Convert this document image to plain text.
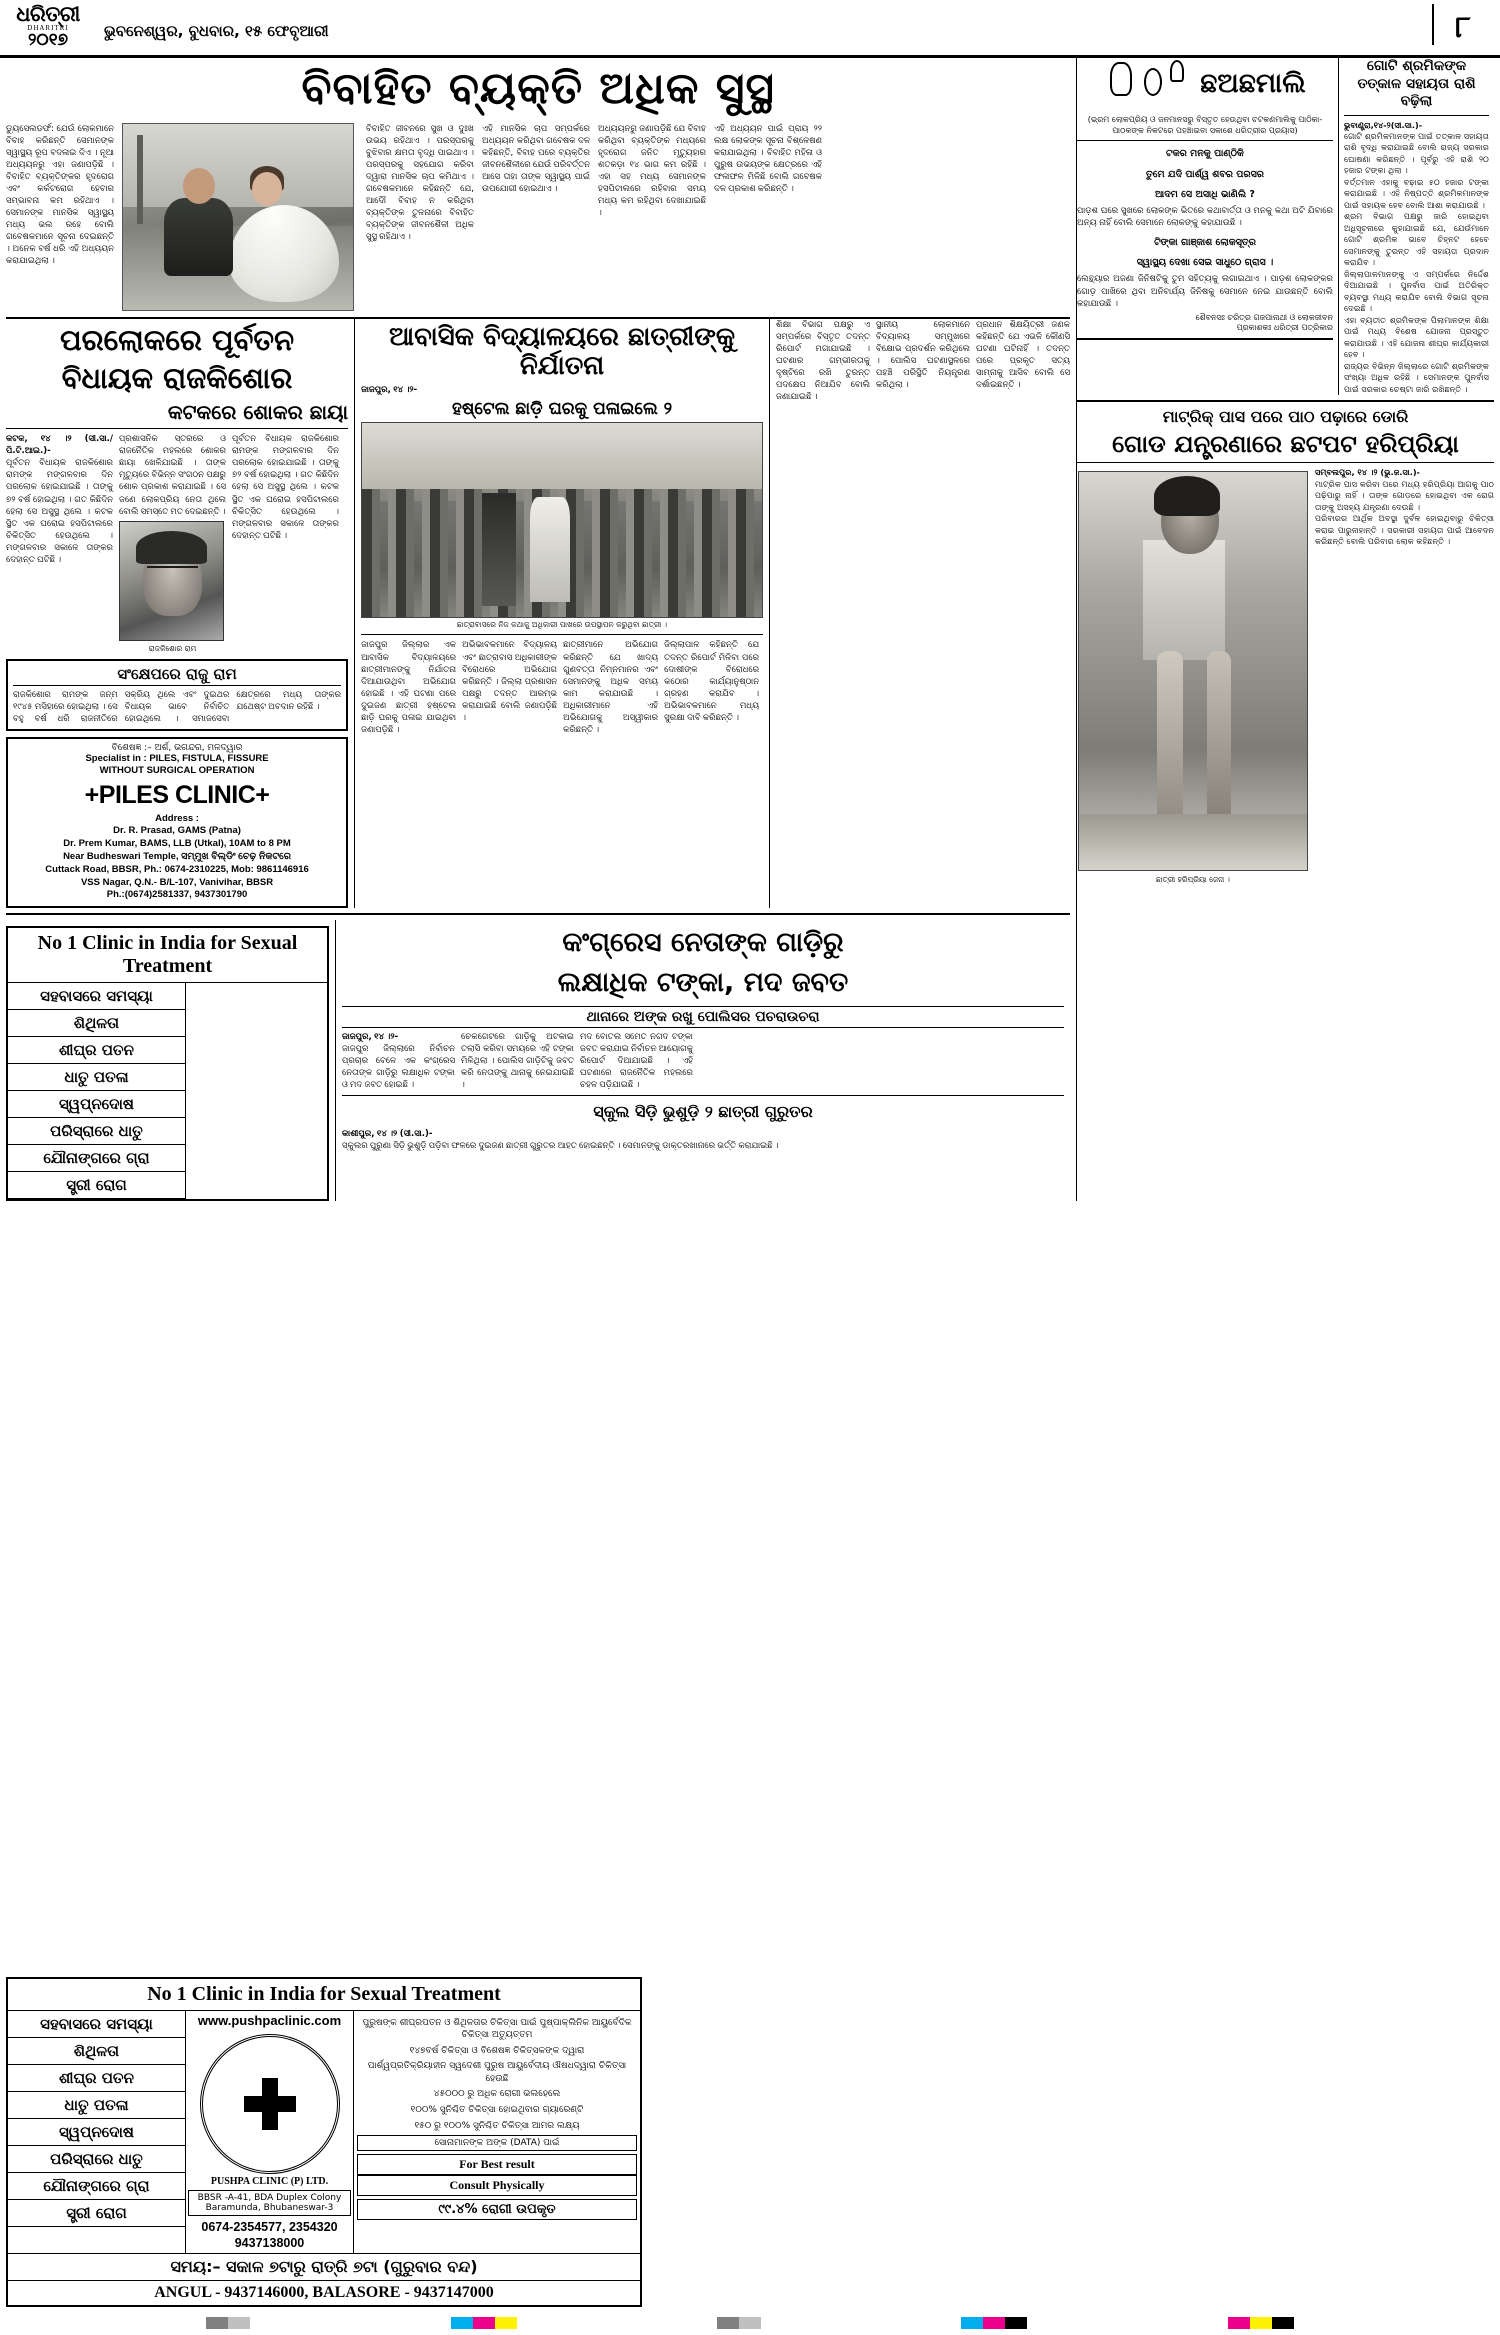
ଧରିତ୍ରୀ
DHARITRI
୨୦୧୭	ଭୁବନେଶ୍ୱର, ବୁଧବାର, ୧୫ ଫେବୃଆରୀ	୮
ବିବାହିତ ବ୍ୟକ୍ତି ଅଧିକ ସୁସ୍ଥ
ଡ୍ୟୁସେଲଡର୍ଫ: ଯେଉଁ ଲୋକମାନେ ବିବାହ କରିଛନ୍ତି ସେମାନଙ୍କ ସ୍ୱାସ୍ଥ୍ୟ ରୂପ ବଦଳାଇ ଦିଏ । ନୂଆ ଅଧ୍ୟୟନରୁ ଏହା ଜଣାପଡ଼ିଛି । ବିବାହିତ ବ୍ୟକ୍ତିଙ୍କର ହୃଦରୋଗ ଏବଂ କର୍କଟରୋଗ ହେବାର ସମ୍ଭାବନା କମ ରହିଥାଏ । ସେମାନଙ୍କ ମାନସିକ ସ୍ୱାସ୍ଥ୍ୟ ମଧ୍ୟ ଭଲ ରହେ ବୋଲି ଗବେଷକମାନେ ସୂଚନା ଦେଇଛନ୍ତି । ଅନେକ ବର୍ଷ ଧରି ଏହି ଅଧ୍ୟୟନ କରାଯାଇଥିଲା ।
ବିବାହିତ ଜୀବନରେ ସୁଖ ଓ ଦୁଃଖ ଉଭୟ ରହିଥାଏ । ପରସ୍ପରକୁ ବୁଝିବାର କ୍ଷମତା ବୃଦ୍ଧି ପାଇଥାଏ । ପରସ୍ପରକୁ ସହଯୋଗ କରିବା ଦ୍ୱାରା ମାନସିକ ଚାପ କମିଥାଏ । ଗବେଷକମାନେ କହିଛନ୍ତି ଯେ, ଆଦୌ ବିବାହ ନ କରିଥିବା ବ୍ୟକ୍ତିଙ୍କ ତୁଳନାରେ ବିବାହିତ ବ୍ୟକ୍ତିଙ୍କ ଜୀବନଶୈଳୀ ଅଧିକ ସୁସ୍ଥ ରହିଥାଏ ।
ଏହି ମାନସିକ ଚାପ ସମ୍ପର୍କରେ ଅଧ୍ୟୟନ କରିଥିବା ଗବେଷକ ଦଳ କହିଛନ୍ତି, ବିବାହ ପରେ ବ୍ୟକ୍ତିର ଜୀବନଶୈଳୀରେ ଯେଉଁ ପରିବର୍ତ୍ତନ ଆସେ ତାହା ତାଙ୍କ ସ୍ୱାସ୍ଥ୍ୟ ପାଇଁ ଉପଯୋଗୀ ହୋଇଥାଏ ।
ଅଧ୍ୟୟନରୁ ଜଣାପଡ଼ିଛି ଯେ ବିବାହ କରିଥିବା ବ୍ୟକ୍ତିଙ୍କ ମଧ୍ୟରେ ହୃଦରୋଗ ଜନିତ ମୃତ୍ୟୁହାର ଶତକଡ଼ା ୧୪ ଭାଗ କମ ରହିଛି । ଏହା ସହ ମଧ୍ୟ ସେମାନଙ୍କ ହସପିଟାଲରେ ରହିବାର ସମୟ ମଧ୍ୟ କମ ରହିଥିବା ଦେଖାଯାଇଛି ।
ଏହି ଅଧ୍ୟୟନ ପାଇଁ ପ୍ରାୟ ୨୨ ଲକ୍ଷ ଲୋକଙ୍କ ସୂଚନା ବିଶ୍ଳେଷଣ କରାଯାଇଥିଲା । ବିବାହିତ ମହିଳା ଓ ପୁରୁଷ ଉଭୟଙ୍କ କ୍ଷେତ୍ରରେ ଏହି ଫଳାଫଳ ମିଳିଛି ବୋଲି ଗବେଷକ ଦଳ ପ୍ରକାଶ କରିଛନ୍ତି ।
ପରଲୋକରେ ପୂର୍ବତନ
ବିଧାୟକ ରାଜକିଶୋର
କଟକରେ ଶୋକର ଛାୟା
କଟକ, ୧୪ ।୨ (ସୀ.ସା./ପି.ଟି.ଆଇ.)-
ପୂର୍ବତନ ବିଧାୟକ ରାଜକିଶୋର ରାମଙ୍କ ମଙ୍ଗଳବାର ଦିନ ପରଲୋକ ହୋଇଯାଇଛି । ତାଙ୍କୁ ୭୨ ବର୍ଷ ହୋଇଥିଲା । ଗତ କିଛିଦିନ ହେଲା ସେ ଅସୁସ୍ଥ ଥିଲେ । କଟକ ସ୍ଥିତ ଏକ ଘରୋଇ ହସପିଟାଲରେ ଚିକିତ୍ସିତ ହେଉଥିଲେ । ମଙ୍ଗଳବାର ସକାଳେ ତାଙ୍କର ଦେହାନ୍ତ ଘଟିଛି ।
ପ୍ରଶାସନିକ ସ୍ତରରେ ଓ ରାଜନୈତିକ ମହଲରେ ଶୋକର ଛାୟା ଖେଳିଯାଇଛି । ତାଙ୍କ ମୃତ୍ୟୁରେ ବିଭିନ୍ନ ସଂଗଠନ ପକ୍ଷରୁ ଶୋକ ପ୍ରକାଶ କରାଯାଇଛି । ସେ ଜଣେ ଲୋକପ୍ରିୟ ନେତା ଥିଲେ ବୋଲି ସମସ୍ତେ ମତ ଦେଇଛନ୍ତି ।
ରାଜକିଶୋର ରାମ
ପୂର୍ବତନ ବିଧାୟକ ରାଜକିଶୋର ରାମଙ୍କ ମଙ୍ଗଳବାର ଦିନ ପରଲୋକ ହୋଇଯାଇଛି । ତାଙ୍କୁ ୭୨ ବର୍ଷ ହୋଇଥିଲା । ଗତ କିଛିଦିନ ହେଲା ସେ ଅସୁସ୍ଥ ଥିଲେ । କଟକ ସ୍ଥିତ ଏକ ଘରୋଇ ହସପିଟାଲରେ ଚିକିତ୍ସିତ ହେଉଥିଲେ । ମଙ୍ଗଳବାର ସକାଳେ ତାଙ୍କର ଦେହାନ୍ତ ଘଟିଛି ।
ସଂକ୍ଷେପରେ ରାଜୁ ରାମ
ରାଜକିଶୋର ରାମଙ୍କ ଜନ୍ମ ୧୯୪୫ ମସିହାରେ ହୋଇଥିଲା । ସେ ବହୁ ବର୍ଷ ଧରି ରାଜନୀତିରେ ସକ୍ରିୟ ଥିଲେ ଏବଂ ଦୁଇଥର ବିଧାୟକ ଭାବେ ନିର୍ବାଚିତ ହୋଇଥିଲେ । ସମାଜସେବା କ୍ଷେତ୍ରରେ ମଧ୍ୟ ତାଙ୍କର ଯଥେଷ୍ଟ ଅବଦାନ ରହିଛି ।
ବିଶେଷଜ୍ଞ :– ଅର୍ଶ, ଭଗନ୍ଦର, ମଳଦ୍ୱାର
Specialist in : PILES, FISTULA, FISSURE
WITHOUT SURGICAL OPERATION
+PILES CLINIC+
Address :
Dr. R. Prasad, GAMS (Patna)
Dr. Prem Kumar, BAMS, LLB (Utkal), 10AM to 8 PM
Near Budheswari Temple, ସମ୍ମୁଖ ବିଲ୍ଡିଂ ଚେଢ଼ ନିକଟରେ
Cuttack Road, BBSR, Ph.: 0674-2310225, Mob: 9861146916
VSS Nagar, Q.N.- B/L-107, Vanivihar, BBSR
Ph.:(0674)2581337, 9437301790
ଆବାସିକ ବିଦ୍ୟାଳୟରେ ଛାତ୍ରୀଙ୍କୁ ନିର୍ଯାତନା
ଜାଜପୁର, ୧୪ ।୨-
ହଷ୍ଟେଲ ଛାଡ଼ି ଘରକୁ ପଳାଇଲେ ୨
ଛାତ୍ରାବାସରେ ନିଜ କଥାକୁ ଅଧିକାରୀ ପାଖରେ ଉପସ୍ଥାପନ କରୁଥିବା ଛାତ୍ରୀ ।
ଜାଜପୁର ଜିଲ୍ଲାର ଏକ ଆବାସିକ ବିଦ୍ୟାଳୟରେ ଛାତ୍ରୀମାନଙ୍କୁ ନିର୍ଯାତନା ଦିଆଯାଉଥିବା ଅଭିଯୋଗ ହୋଇଛି । ଏହି ଘଟଣା ପରେ ଦୁଇଜଣ ଛାତ୍ରୀ ହଷ୍ଟେଲ ଛାଡ଼ି ଘରକୁ ପଳାଇ ଯାଇଥିବା ଜଣାପଡ଼ିଛି ।
ଅଭିଭାବକମାନେ ବିଦ୍ୟାଳୟ ଏବଂ ଛାତ୍ରାବାସ ଅଧିକାରୀଙ୍କ ବିରୋଧରେ ଅଭିଯୋଗ କରିଛନ୍ତି । ଜିଲ୍ଲା ପ୍ରଶାସନ ପକ୍ଷରୁ ତଦନ୍ତ ଆରମ୍ଭ କରାଯାଇଛି ବୋଲି ଜଣାପଡ଼ିଛି ।
ଛାତ୍ରୀମାନେ ଅଭିଯୋଗ କରିଛନ୍ତି ଯେ ଖାଦ୍ୟ ଗୁଣବତ୍ତା ନିମ୍ନମାନର ଏବଂ ସେମାନଙ୍କୁ ଅଧିକ ସମୟ କାମ କରାଯାଉଛି । ଅଧିକାରୀମାନେ ଏହି ଅଭିଯୋଗକୁ ଅସ୍ୱୀକାର କରିଛନ୍ତି ।
ଜିଲ୍ଲାପାଳ କହିଛନ୍ତି ଯେ ତଦନ୍ତ ରିପୋର୍ଟ ମିଳିବା ପରେ ଦୋଷୀଙ୍କ ବିରୋଧରେ କଠୋର କାର୍ଯ୍ୟାନୁଷ୍ଠାନ ଗ୍ରହଣ କରାଯିବ । ଅଭିଭାବକମାନେ ମଧ୍ୟ ସୁରକ୍ଷା ଦାବି କରିଛନ୍ତି ।
ଶିକ୍ଷା ବିଭାଗ ପକ୍ଷରୁ ଏ ସମ୍ପର୍କରେ ବିସ୍ତୃତ ତଦନ୍ତ ରିପୋର୍ଟ ମଗାଯାଇଛି । ଘଟଣାର ଗମ୍ଭୀରତାକୁ ଦୃଷ୍ଟିରେ ରଖି ତୁରନ୍ତ ପଦକ୍ଷେପ ନିଆଯିବ ବୋଲି ଜଣାଯାଇଛି ।
ସ୍ଥାନୀୟ ଲୋକମାନେ ବିଦ୍ୟାଳୟ ସମ୍ମୁଖରେ ବିକ୍ଷୋଭ ପ୍ରଦର୍ଶନ କରିଥିଲେ । ପୋଲିସ ଘଟଣାସ୍ଥଳରେ ପହଞ୍ଚି ପରିସ୍ଥିତି ନିୟନ୍ତ୍ରଣ କରିଥିଲା ।
ପ୍ରଧାନ ଶିକ୍ଷୟିତ୍ରୀ ଜଣକ କହିଛନ୍ତି ଯେ ଏଭଳି କୌଣସି ଘଟଣା ଘଟିନାହିଁ । ତଦନ୍ତ ପରେ ପ୍ରକୃତ ସତ୍ୟ ସାମ୍ନାକୁ ଆସିବ ବୋଲି ସେ ଦର୍ଶାଇଛନ୍ତି ।
No 1 Clinic in India for Sexual Treatment
ସହବାସରେ ସମସ୍ୟା
ଶିଥିଳତା
ଶୀଘ୍ର ପତନ
ଧାତୁ ପତଳା
ସ୍ୱପ୍ନଦୋଷ
ପରିସ୍ରାରେ ଧାତୁ
ଯୌନାଙ୍ଗରେ ଗ୍ରା
ସ୍ତ୍ରୀ ରୋଗ
କଂଗ୍ରେସ ନେତାଙ୍କ ଗାଡ଼ିରୁ
ଲକ୍ଷାଧିକ ଟଙ୍କା, ମଦ ଜବତ
ଥାନାରେ ଅଙ୍କ ରଖୁ ପୋଲିସର ପଚରାଉଚରା
ଜାଜପୁର, ୧୪ ।୨-
ଜାଜପୁର ଜିଲ୍ଲାରେ ନିର୍ବାଚନ ପ୍ରଚାର ବେଳେ ଏକ କଂଗ୍ରେସ ନେତାଙ୍କ ଗାଡ଼ିରୁ ଲକ୍ଷାଧିକ ଟଙ୍କା ଓ ମଦ ଜବତ ହୋଇଛି ।
ଚେକଗେଟରେ ଗାଡ଼ିକୁ ଅଟକାଇ ତଲାସି କରିବା ସମୟରେ ଏହି ଟଙ୍କା ମିଳିଥିଲା । ପୋଲିସ ଗାଡ଼ିଟିକୁ ଜବତ କରି ନେତାଙ୍କୁ ଥାନାକୁ ନେଇଯାଇଛି ।
ମଦ ବୋତଲ ସମେତ ନଗଦ ଟଙ୍କା ଜବତ କରାଯାଇ ନିର୍ବାଚନ ଆୟୋଗକୁ ରିପୋର୍ଟ ଦିଆଯାଇଛି । ଏହି ଘଟଣାରେ ରାଜନୈତିକ ମହଲରେ ଚହଳ ପଡ଼ିଯାଇଛି ।
ସ୍କୁଲ ସିଡ଼ି ଭୁଶୁଡ଼ି ୨ ଛାତ୍ରୀ ଗୁରୁତର
କାଶୀପୁର, ୧୪ ।୨ (ସୀ.ସା.)-
ସ୍କୁଲର ପୁରୁଣା ସିଡ଼ି ଭୁଶୁଡ଼ି ପଡ଼ିବା ଫଳରେ ଦୁଇଜଣ ଛାତ୍ରୀ ଗୁରୁତର ଆହତ ହୋଇଛନ୍ତି । ସେମାନଙ୍କୁ ଡାକ୍ତରଖାନାରେ ଭର୍ତ୍ତି କରାଯାଇଛି ।
ଛଅଛମାଲି
(ଭ୍ରମ ଲୋକପ୍ରିୟ ଓ ଜନମାନସରୁ ବିସ୍ତୃତ ହେଉଥିବା ଚଟକଣମାଲିକୁ ପାଠିକା-ପାଠକଙ୍କ ନିକଟରେ ପହଞ୍ଚାଇବା ସକାଶେ ଧରିତ୍ରୀର ପ୍ରୟାସ)
ଟକର ମନକୁ ପାଣ୍ଠିକି
ତୁମେ ଯଦି ପାର୍ଶ୍ୱ ଶବର ପରସର
ଆଦମ ସେ ଅସାଧି ଭାଣିଲି ?
ପାଡ଼ଶ ଘରେ ସୁଖରେ ଲୋକଙ୍କ ଭିତରେ କଥାବାର୍ତ୍ତା ଓ ମନକୁ କଥା ଅଟି ଯିବାରେ ଅନ୍ୟ ନାହିଁ ବୋଲି ସେମାନେ ଲୋକଙ୍କୁ କହାଯାଉଛି ।
ଟିଙ୍କା ଗାଞ୍ଜାଶ ଲୋକସୂତ୍ର
ସ୍ୱାସ୍ଥ୍ୟ ଦେଖା ସେଇ ସାଧୁଠେ ଗ୍ରାସ ।
ଲେନ୍ଥ୍ୟାର ଅଜଣା ଜିନିଷଟିକୁ ତୁମ ସହିତ୍ୟକୁ ଲଗାଇଥାଏ । ପାଡ଼ଶ ଲୋକଙ୍କର ଗୋଡ଼ ପାଖିରେ ଥିବା ଅନିବାର୍ଯ୍ୟ ଜିନିଷକୁ ସେମାନେ ନେଇ ଯାଉଛନ୍ତି ବୋଲି କହାଯାଉଛି ।
ଶୈବନସଃ ଚରିତ୍ର ଗଜପାନାଥୀ ଓ ଲୋକଜୀବନ
ପ୍ରକାଶକଃ ଧରିତ୍ରୀ ପତ୍ରିକାର
ଗୋଟି ଶ୍ରମିକଙ୍କ ତତ୍କାଳ ସହାୟତା ରାଶି ବଢ଼ିଲା
ଭୁବାଣ୍ଡ୍ରା,୧୪-୨(ସୀ.ସା.)-
ଗୋଟି ଶ୍ରମିକମାନଙ୍କ ପାଇଁ ତତ୍କାଳ ସହାୟତା ରାଶି ବୃଦ୍ଧି କରାଯାଇଛି ବୋଲି ରାଜ୍ୟ ସରକାର ଘୋଷଣା କରିଛନ୍ତି । ପୂର୍ବରୁ ଏହି ରାଶି ୨୦ ହଜାର ଟଙ୍କା ଥିଲା ।
ବର୍ତ୍ତମାନ ଏହାକୁ ବଢ଼ାଇ ୫୦ ହଜାର ଟଙ୍କା କରାଯାଇଛି । ଏହି ନିଷ୍ପତ୍ତି ଶ୍ରମିକମାନଙ୍କ ପାଇଁ ସହାୟକ ହେବ ବୋଲି ଆଶା କରାଯାଉଛି ।
ଶ୍ରମ ବିଭାଗ ପକ୍ଷରୁ ଜାରି ହୋଇଥିବା ଅଧିସୂଚନାରେ କୁହାଯାଇଛି ଯେ, ଯେଉଁମାନେ ଗୋଟି ଶ୍ରମିକ ଭାବେ ଚିହ୍ନଟ ହେବେ ସେମାନଙ୍କୁ ତୁରନ୍ତ ଏହି ସହାୟତା ପ୍ରଦାନ କରାଯିବ ।
ଜିଲ୍ଲାପାଳମାନଙ୍କୁ ଏ ସମ୍ପର୍କରେ ନିର୍ଦ୍ଦେଶ ଦିଆଯାଇଛି । ପୁନର୍ବାସ ପାଇଁ ଅତିରିକ୍ତ ବ୍ୟବସ୍ଥା ମଧ୍ୟ କରାଯିବ ବୋଲି ବିଭାଗ ସୂଚନା ଦେଇଛି ।
ଏହା ବ୍ୟତୀତ ଶ୍ରମିକଙ୍କ ପିଲାମାନଙ୍କ ଶିକ୍ଷା ପାଇଁ ମଧ୍ୟ ବିଶେଷ ଯୋଜନା ପ୍ରସ୍ତୁତ କରାଯାଉଛି । ଏହି ଯୋଜନା ଶୀଘ୍ର କାର୍ଯ୍ୟକାରୀ ହେବ ।
ରାଜ୍ୟର ବିଭିନ୍ନ ଜିଲ୍ଲାରେ ଗୋଟି ଶ୍ରମିକଙ୍କ ସଂଖ୍ୟା ଅଧିକ ରହିଛି । ସେମାନଙ୍କ ପୁନର୍ବାସ ପାଇଁ ସରକାର ଚେଷ୍ଟା ଜାରି ରଖିଛନ୍ତି ।
ମାଟ୍ରିକ୍ ପାସ ପରେ ପାଠ ପଢ଼ାରେ ଡୋରି
ଗୋଡ ଯନ୍ତ୍ରଣାରେ ଛଟପଟ ହରିପ୍ରିୟା
ଛାତ୍ରୀ ହରିପ୍ରିୟା ଜେନା ।
ସମ୍ବଲପୁର, ୧୪ ।୨ (ଭୁ.ଜ.ସା.)-
ମାଟ୍ରିକ ପାସ କରିବା ପରେ ମଧ୍ୟ ହରିପ୍ରିୟା ଆଗକୁ ପାଠ ପଢ଼ିପାରୁ ନାହିଁ । ତାଙ୍କ ଗୋଡ଼ରେ ହୋଇଥିବା ଏକ ରୋଗ ତାଙ୍କୁ ଅସହ୍ୟ ଯନ୍ତ୍ରଣା ଦେଉଛି ।
ପରିବାରର ଆର୍ଥିକ ଅବସ୍ଥା ଦୁର୍ବଳ ହୋଇଥିବାରୁ ଚିକିତ୍ସା କରାଇ ପାରୁନାହାନ୍ତି । ସରକାରୀ ସହାୟତା ପାଇଁ ଆବେଦନ କରିଛନ୍ତି ବୋଲି ପରିବାର ଲୋକ କହିଛନ୍ତି ।
No 1 Clinic in India for Sexual Treatment
ସହବାସରେ ସମସ୍ୟା
ଶିଥିଳତା
ଶୀଘ୍ର ପତନ
ଧାତୁ ପତଳା
ସ୍ୱପ୍ନଦୋଷ
ପରିସ୍ରାରେ ଧାତୁ
ଯୌନାଙ୍ଗରେ ଗ୍ରା
ସ୍ତ୍ରୀ ରୋଗ
www.pushpaclinic.com
PUSHPA CLINIC (P) LTD.
BBSR -A-41, BDA Duplex Colony Baramunda, Bhubaneswar-3
0674-2354577, 2354320
9437138000

ପୁରୁଷଙ୍କ ଶୀଘ୍ରପତନ ଓ ଶିଥିଳତାର ଚିକିତ୍ସା ପାଇଁ ପୁଷ୍ପାକ୍ଲିନିକ ଆୟୁର୍ବେଦିକ ଚିକିତ୍ସା ଅତ୍ୟୁତ୍ତମ

୧୪୭ବର୍ଷ ଚିକିତ୍ସା ଓ ବିଶେଷଜ୍ଞ ଚିକିତ୍ସକଙ୍କ ଦ୍ୱାରା

ପାର୍ଶ୍ୱପ୍ରତିକ୍ରିୟାହୀନ ସ୍ୱଦେଶୀ ପୁରୁଷ ଆୟୁର୍ବେଦୀୟ ଔଷଧଦ୍ୱାରା ଚିକିତ୍ସା ହେଉଛି

୪୫୦୦୦ ରୁ ଅଧିକ ରୋଗୀ ଭଲହେଲେ

୧୦୦% ସୁନିଶ୍ଚିତ ଚିକିତ୍ସା ହୋଇଥିବାର ଗ୍ୟାରେଣ୍ଟି

୧୫୦ ରୁ ୧୦୦% ସୁନିଶ୍ଚିତ ଚିକିତ୍ସା ଆମର ଲକ୍ଷ୍ୟ

ସୋନାମାନଙ୍କ ଅଙ୍କ (DATA) ପାଇଁ
For Best result
Consult Physically
୯୯.୪% ରୋଗୀ ଉପକୃତ
ସମୟ:– ସକାଳ ୭ଟାରୁ ରାତ୍ରି ୭ଟା (ଗୁରୁବାର ବନ୍ଦ)
ANGUL - 9437146000, BALASORE - 9437147000
